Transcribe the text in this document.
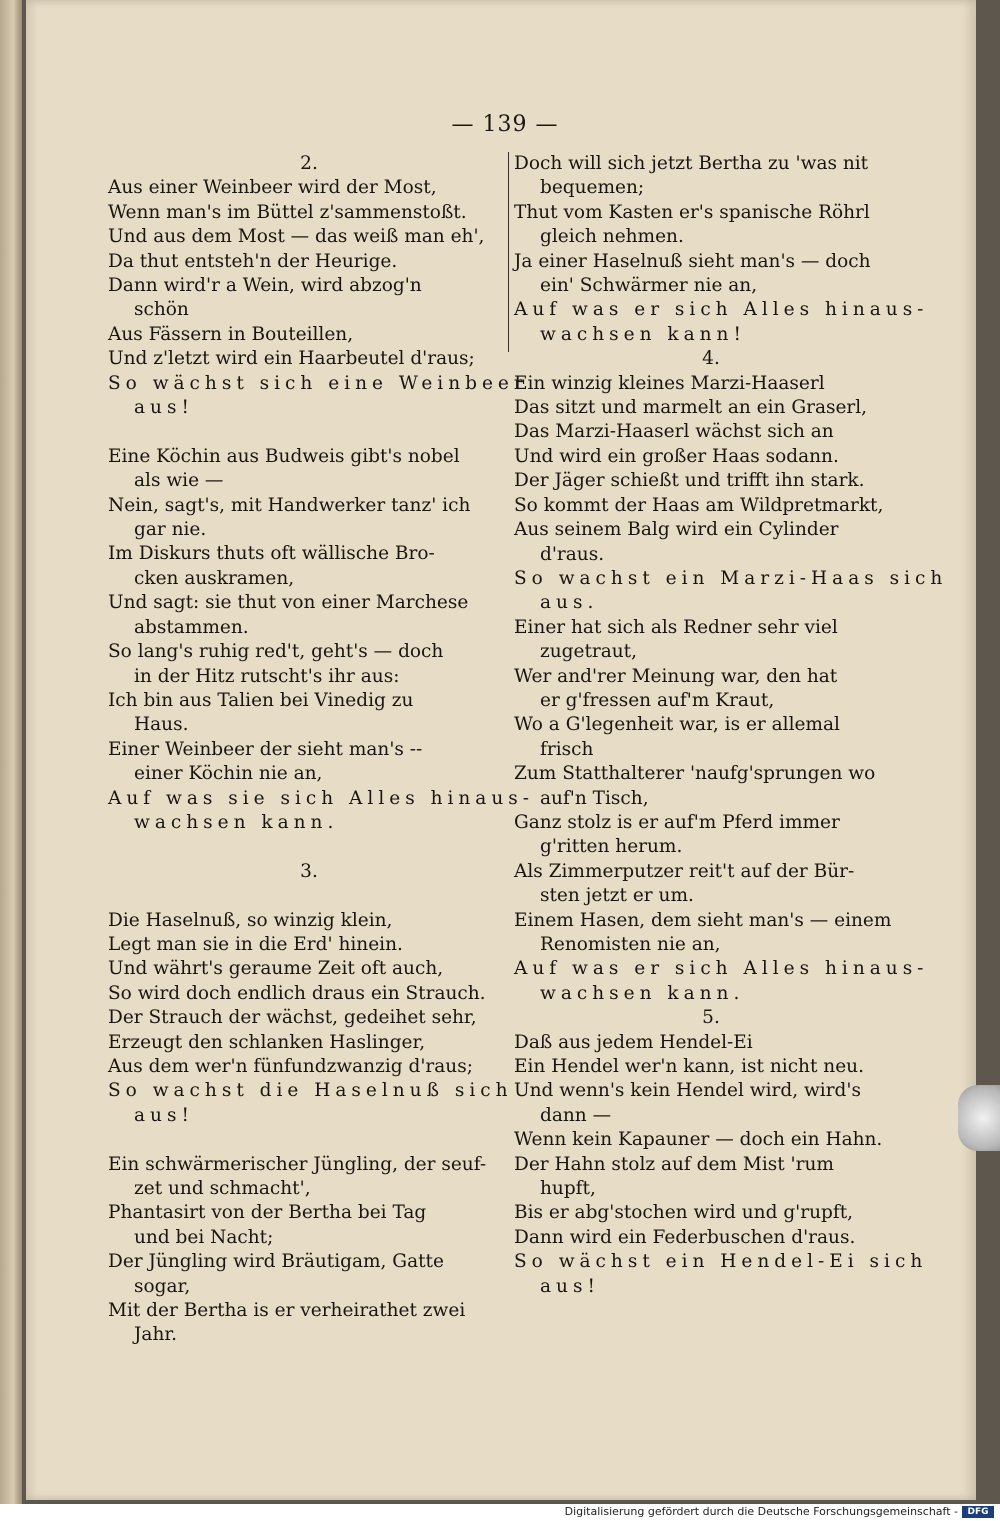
— 139 —
2.
Aus einer Weinbeer wird der Most,
Wenn man's im Büttel z'sammenstoßt.
Und aus dem Most — das weiß man eh',
Da thut entsteh'n der Heurige.
Dann wird'r a Wein, wird abzog'n
schön
Aus Fässern in Bouteillen,
Und z'letzt wird ein Haarbeutel d'raus;
So wächst sich eine Weinbeer
aus!
Eine Köchin aus Budweis gibt's nobel
als wie —
Nein, sagt's, mit Handwerker tanz' ich
gar nie.
Im Diskurs thuts oft wällische Bro-
cken auskramen,
Und sagt: sie thut von einer Marchese
abstammen.
So lang's ruhig red't, geht's — doch
in der Hitz rutscht's ihr aus:
Ich bin aus Talien bei Vinedig zu
Haus.
Einer Weinbeer der sieht man's --
einer Köchin nie an,
Auf was sie sich Alles hinaus-
wachsen kann.
3.
Die Haselnuß, so winzig klein,
Legt man sie in die Erd' hinein.
Und währt's geraume Zeit oft auch,
So wird doch endlich draus ein Strauch.
Der Strauch der wächst, gedeihet sehr,
Erzeugt den schlanken Haslinger,
Aus dem wer'n fünfundzwanzig d'raus;
So wachst die Haselnuß sich
aus!
Ein schwärmerischer Jüngling, der seuf-
zet und schmacht',
Phantasirt von der Bertha bei Tag
und bei Nacht;
Der Jüngling wird Bräutigam, Gatte
sogar,
Mit der Bertha is er verheirathet zwei
Jahr.
Doch will sich jetzt Bertha zu 'was nit
bequemen;
Thut vom Kasten er's spanische Röhrl
gleich nehmen.
Ja einer Haselnuß sieht man's — doch
ein' Schwärmer nie an,
Auf was er sich Alles hinaus-
wachsen kann!
4.
Ein winzig kleines Marzi-Haaserl
Das sitzt und marmelt an ein Graserl,
Das Marzi-Haaserl wächst sich an
Und wird ein großer Haas sodann.
Der Jäger schießt und trifft ihn stark.
So kommt der Haas am Wildpretmarkt,
Aus seinem Balg wird ein Cylinder
d'raus.
So wachst ein Marzi-Haas sich
aus.
Einer hat sich als Redner sehr viel
zugetraut,
Wer and'rer Meinung war, den hat
er g'fressen auf'm Kraut,
Wo a G'legenheit war, is er allemal
frisch
Zum Statthalterer 'naufg'sprungen wo
auf'n Tisch,
Ganz stolz is er auf'm Pferd immer
g'ritten herum.
Als Zimmerputzer reit't auf der Bür-
sten jetzt er um.
Einem Hasen, dem sieht man's — einem
Renomisten nie an,
Auf was er sich Alles hinaus-
wachsen kann.
5.
Daß aus jedem Hendel-Ei
Ein Hendel wer'n kann, ist nicht neu.
Und wenn's kein Hendel wird, wird's
dann —
Wenn kein Kapauner — doch ein Hahn.
Der Hahn stolz auf dem Mist 'rum
hupft,
Bis er abg'stochen wird und g'rupft,
Dann wird ein Federbuschen d'raus.
So wächst ein Hendel-Ei sich
aus!
Digitalisierung gefördert durch die Deutsche Forschungsgemeinschaft -	DFG
